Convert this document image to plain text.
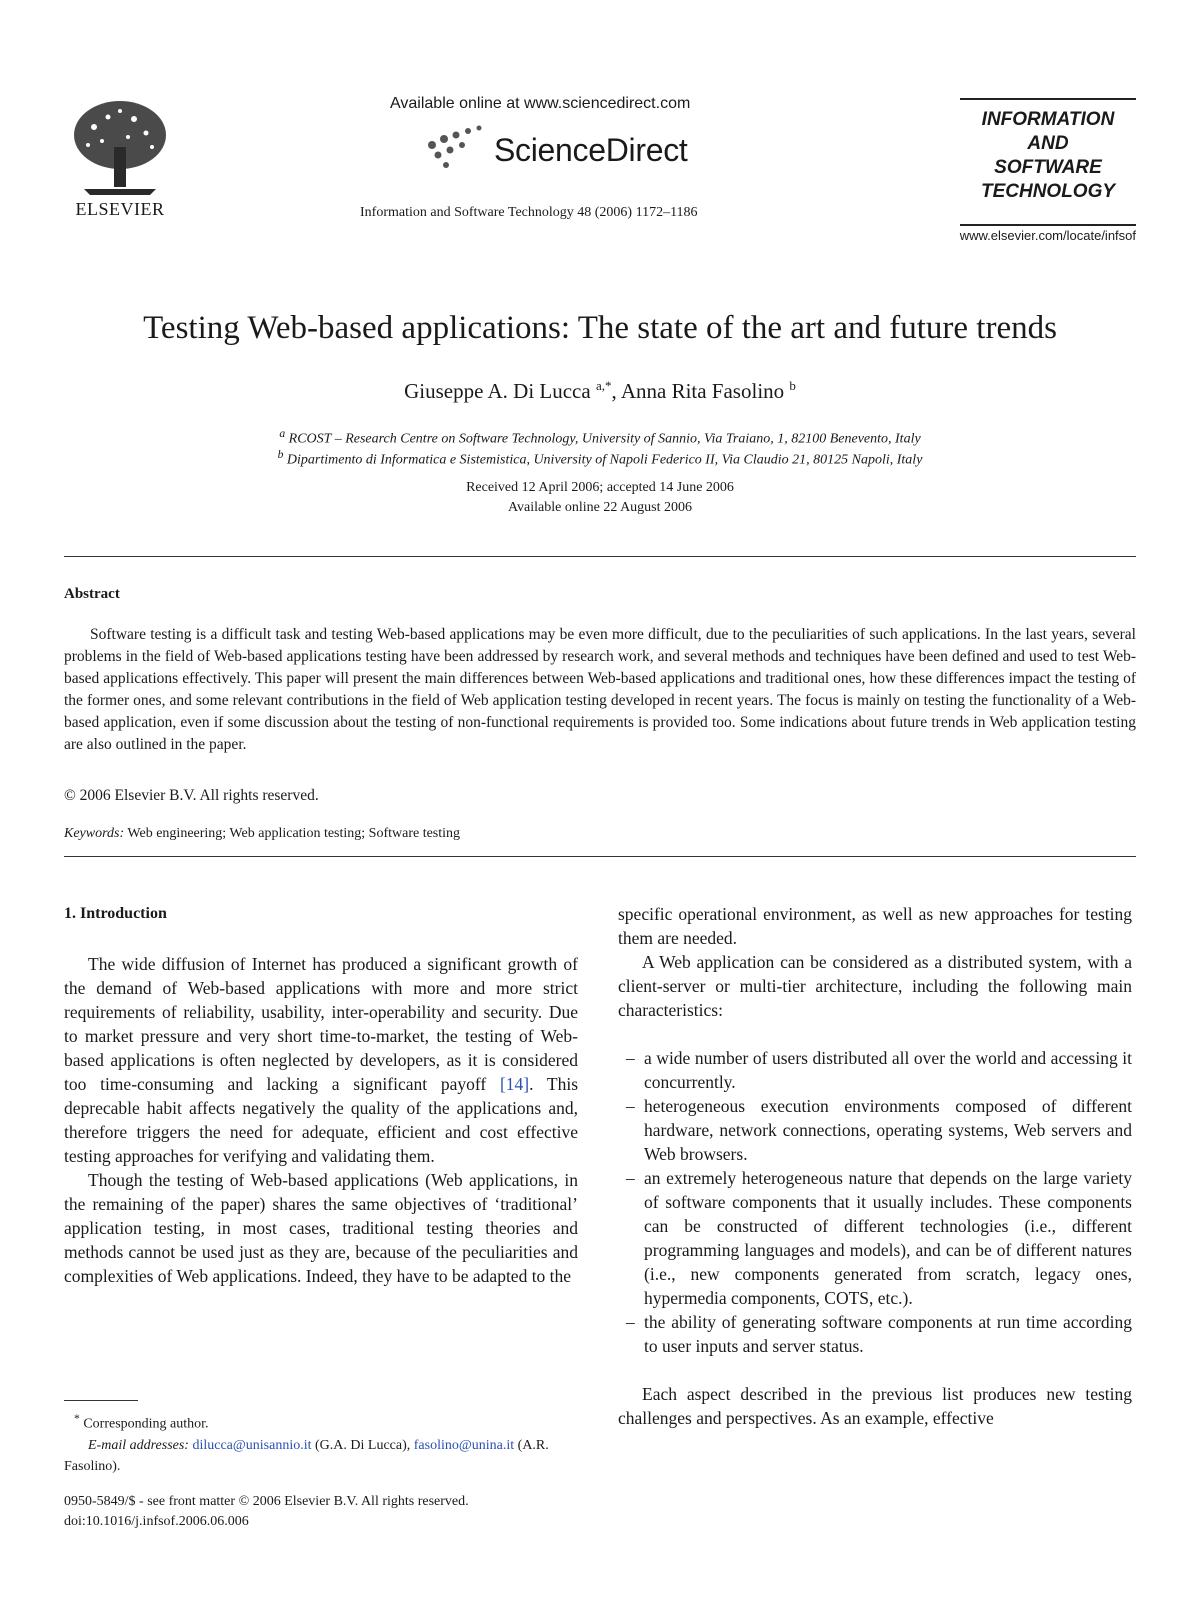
ELSEVIER
Available online at www.sciencedirect.com
ScienceDirect
Information and Software Technology 48 (2006) 1172–1186
INFORMATION
AND
SOFTWARE
TECHNOLOGY
www.elsevier.com/locate/infsof
Testing Web-based applications: The state of the art and future trends
Giuseppe A. Di Lucca $^{a,*}$, Anna Rita Fasolino $^b$
$^a$ RCOST – Research Centre on Software Technology, University of Sannio, Via Traiano, 1, 82100 Benevento, Italy
$^b$ Dipartimento di Informatica e Sistemistica, University of Napoli Federico II, Via Claudio 21, 80125 Napoli, Italy
Received 12 April 2006; accepted 14 June 2006
Available online 22 August 2006
Abstract

Software testing is a difficult task and testing Web-based applications may be even more difficult, due to the peculiarities of such applications. In the last years, several problems in the field of Web-based applications testing have been addressed by research work, and several methods and techniques have been defined and used to test Web-based applications effectively. This paper will present the main differences between Web-based applications and traditional ones, how these differences impact the testing of the former ones, and some relevant contributions in the field of Web application testing developed in recent years. The focus is mainly on testing the functionality of a Web-based application, even if some discussion about the testing of non-functional requirements is provided too. Some indications about future trends in Web application testing are also outlined in the paper.

© 2006 Elsevier B.V. All rights reserved.
Keywords: Web engineering; Web application testing; Software testing

1. Introduction

The wide diffusion of Internet has produced a significant growth of the demand of Web-based applications with more and more strict requirements of reliability, usability, inter-operability and security. Due to market pressure and very short time-to-market, the testing of Web-based applications is often neglected by developers, as it is considered too time-consuming and lacking a significant payoff [14]. This deprecable habit affects negatively the quality of the applications and, therefore triggers the need for adequate, efficient and cost effective testing approaches for verifying and validating them.

Though the testing of Web-based applications (Web applications, in the remaining of the paper) shares the same objectives of ‘traditional’ application testing, in most cases, traditional testing theories and methods cannot be used just as they are, because of the peculiarities and complexities of Web applications. Indeed, they have to be adapted to the

* Corresponding author.

E-mail addresses: dilucca@unisannio.it (G.A. Di Lucca), fasolino@unina.it (A.R. Fasolino).

0950-5849/$ - see front matter © 2006 Elsevier B.V. All rights reserved.

doi:10.1016/j.infsof.2006.06.006

specific operational environment, as well as new approaches for testing them are needed.

A Web application can be considered as a distributed system, with a client-server or multi-tier architecture, including the following main characteristics:

– a wide number of users distributed all over the world and accessing it concurrently.
– heterogeneous execution environments composed of different hardware, network connections, operating systems, Web servers and Web browsers.
– an extremely heterogeneous nature that depends on the large variety of software components that it usually includes. These components can be constructed of different technologies (i.e., different programming languages and models), and can be of different natures (i.e., new components generated from scratch, legacy ones, hypermedia components, COTS, etc.).
– the ability of generating software components at run time according to user inputs and server status.

Each aspect described in the previous list produces new testing challenges and perspectives. As an example, effective
